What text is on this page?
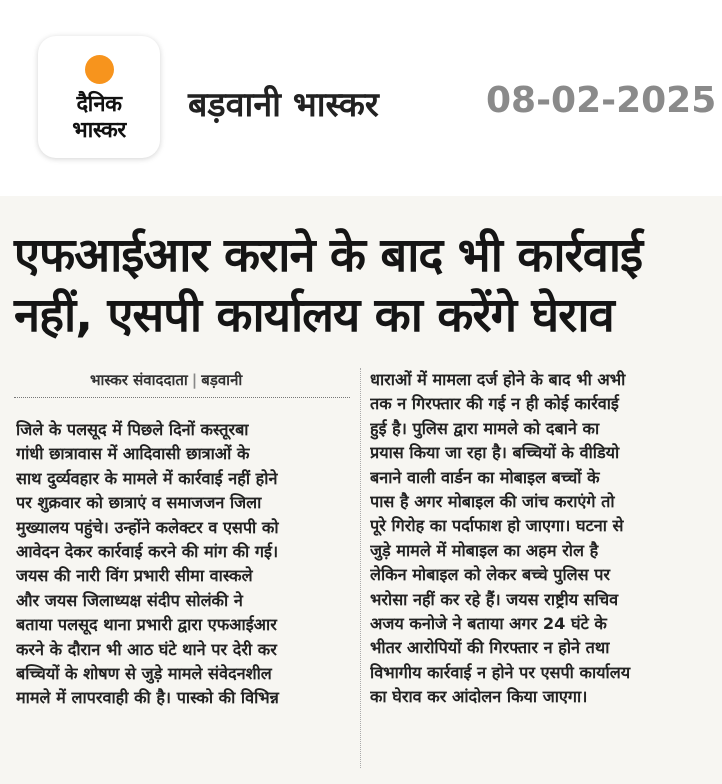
दैनिक
भास्कर
बड़वानी भास्कर	08-02-2025
एफआईआर कराने के बाद भी कार्रवाई
नहीं, एसपी कार्यालय का करेंगे घेराव
भास्कर संवाददाता | बड़वानी
जिले के पलसूद में पिछले दिनों कस्तूरबा
गांधी छात्रावास में आदिवासी छात्राओं के
साथ दुर्व्यवहार के मामले में कार्रवाई नहीं होने
पर शुक्रवार को छात्राएं व समाजजन जिला
मुख्यालय पहुंचे। उन्होंने कलेक्टर व एसपी को
आवेदन देकर कार्रवाई करने की मांग की गई।
जयस की नारी विंग प्रभारी सीमा वास्कले
और जयस जिलाध्यक्ष संदीप सोलंकी ने
बताया पलसूद थाना प्रभारी द्वारा एफआईआर
करने के दौरान भी आठ घंटे थाने पर देरी कर
बच्चियों के शोषण से जुड़े मामले संवेदनशील
मामले में लापरवाही की है। पास्को की विभिन्न
धाराओं में मामला दर्ज होने के बाद भी अभी
तक न गिरफ्तार की गई न ही कोई कार्रवाई
हुई है। पुलिस द्वारा मामले को दबाने का
प्रयास किया जा रहा है। बच्चियों के वीडियो
बनाने वाली वार्डन का मोबाइल बच्चों के
पास है अगर मोबाइल की जांच कराएंगे तो
पूरे गिरोह का पर्दाफाश हो जाएगा। घटना से
जुड़े मामले में मोबाइल का अहम रोल है
लेकिन मोबाइल को लेकर बच्चे पुलिस पर
भरोसा नहीं कर रहे हैं। जयस राष्ट्रीय सचिव
अजय कनोजे ने बताया अगर 24 घंटे के
भीतर आरोपियों की गिरफ्तार न होने तथा
विभागीय कार्रवाई न होने पर एसपी कार्यालय
का घेराव कर आंदोलन किया जाएगा।
